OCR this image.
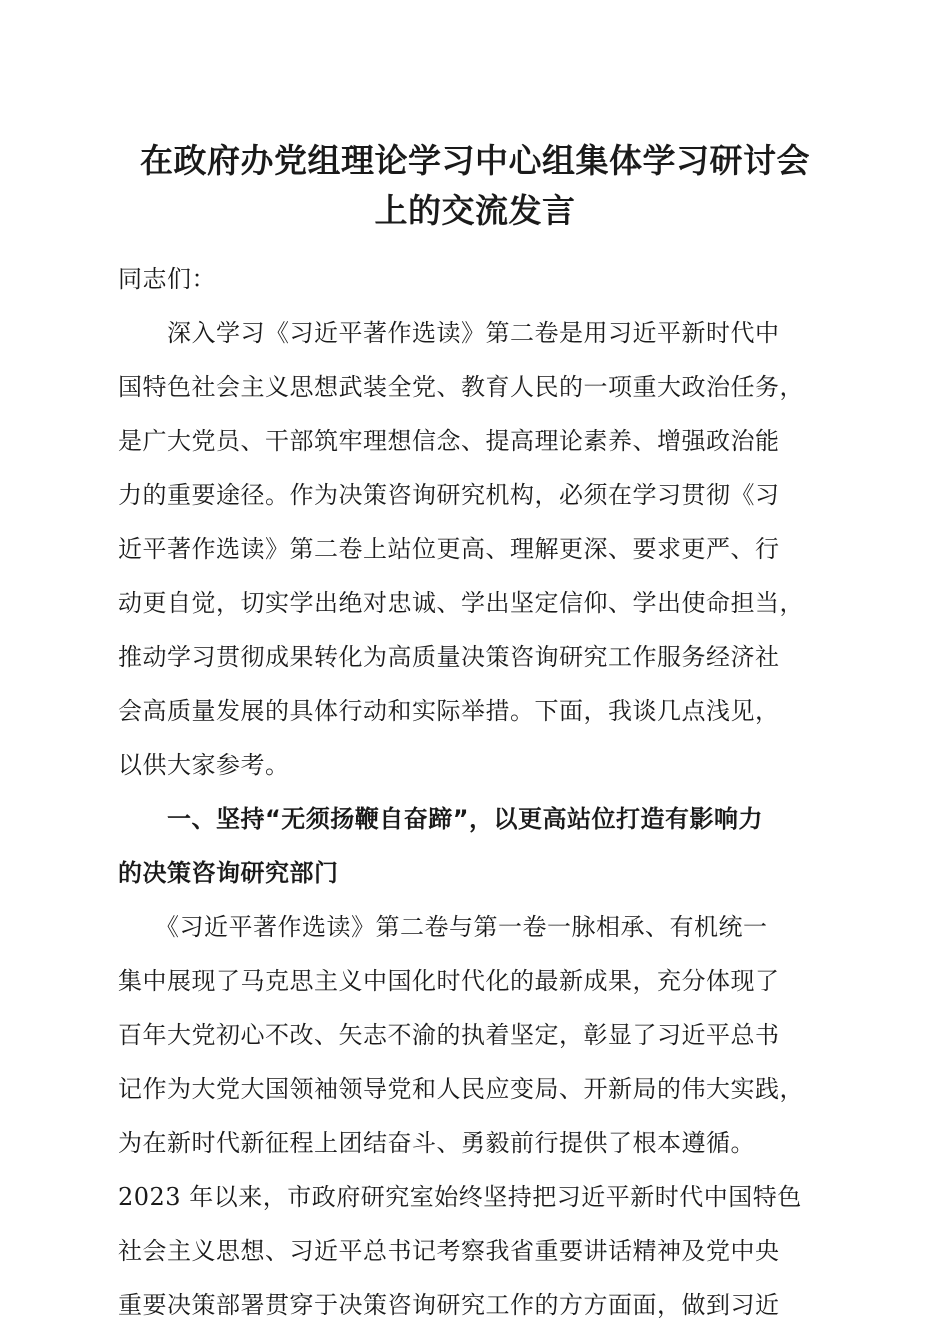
在政府办党组理论学习中心组集体学习研讨会
上的交流发言
同志们：
　　深入学习《习近平著作选读》第二卷是用习近平新时代中
国特色社会主义思想武装全党、教育人民的一项重大政治任务，
是广大党员、干部筑牢理想信念、提高理论素养、增强政治能
力的重要途径。作为决策咨询研究机构，必须在学习贯彻《习
近平著作选读》第二卷上站位更高、理解更深、要求更严、行
动更自觉，切实学出绝对忠诚、学出坚定信仰、学出使命担当，
推动学习贯彻成果转化为高质量决策咨询研究工作服务经济社
会高质量发展的具体行动和实际举措。下面，我谈几点浅见，
以供大家参考。
　　一、坚持“无须扬鞭自奋蹄”，以更高站位打造有影响力
的决策咨询研究部门
　　《习近平著作选读》第二卷与第一卷一脉相承、有机统一
集中展现了马克思主义中国化时代化的最新成果，充分体现了
百年大党初心不改、矢志不渝的执着坚定，彰显了习近平总书
记作为大党大国领袖领导党和人民应变局、开新局的伟大实践，
为在新时代新征程上团结奋斗、勇毅前行提供了根本遵循。
2023 年以来，市政府研究室始终坚持把习近平新时代中国特色
社会主义思想、习近平总书记考察我省重要讲话精神及党中央
重要决策部署贯穿于决策咨询研究工作的方方面面，做到习近
